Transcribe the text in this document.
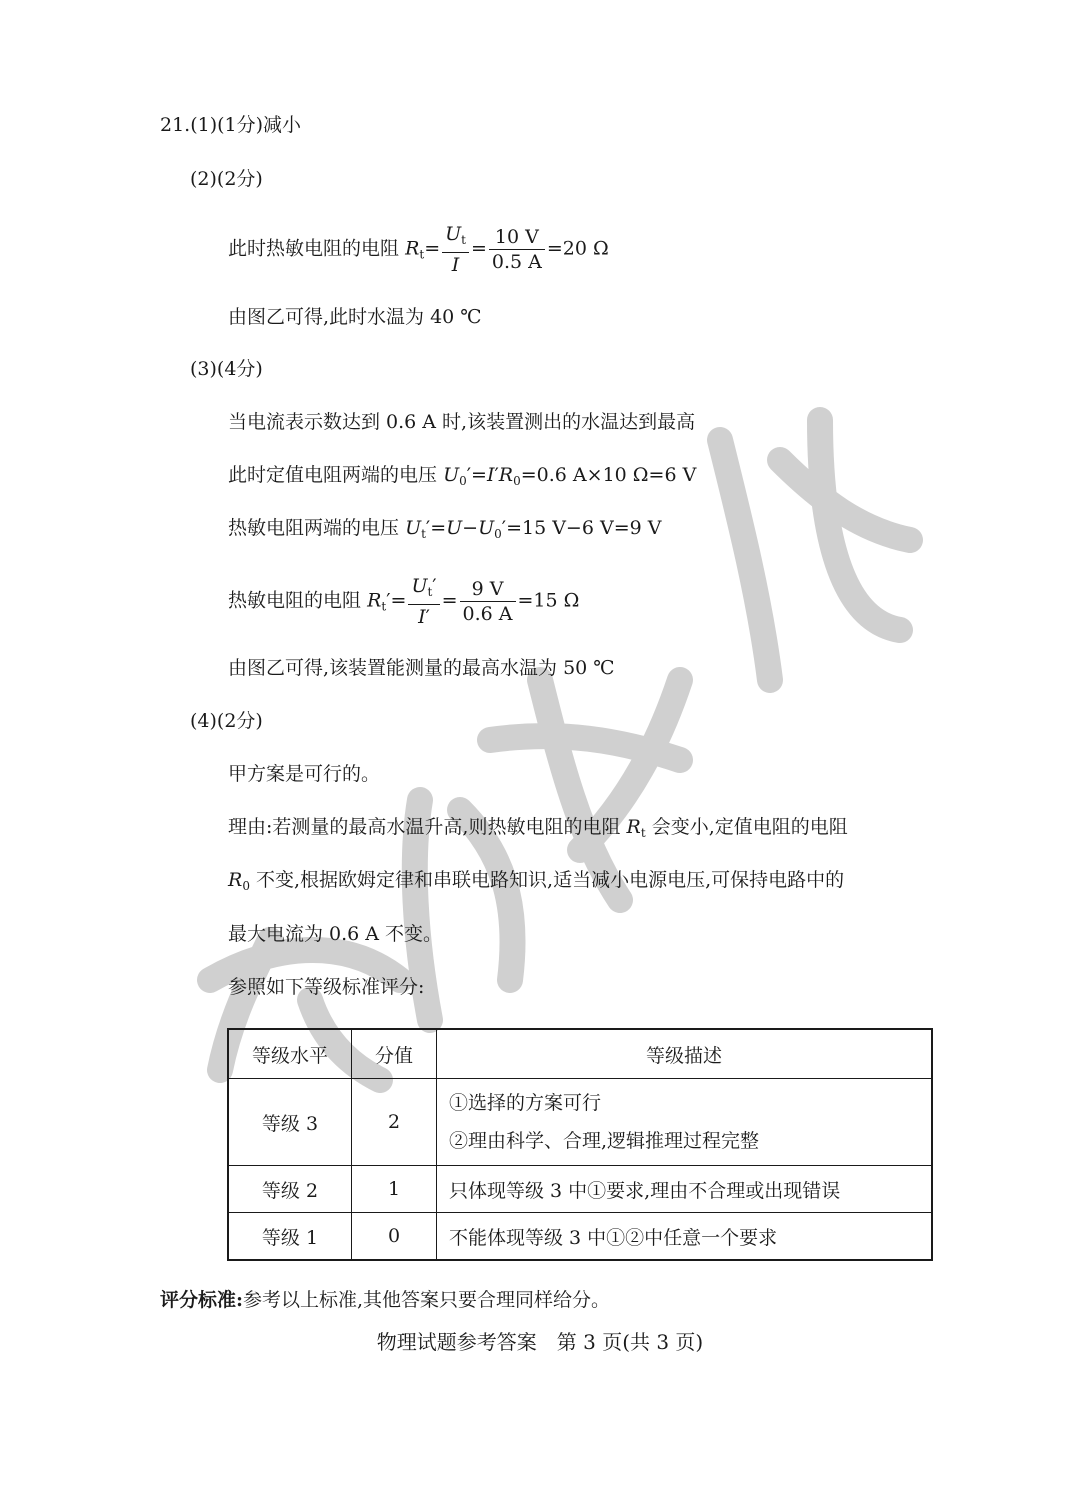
21.(1)(1分)减小
(2)(2分)
此时热敏电阻的电阻 $R_t= \frac{U_t}{I} = \frac{10 V}{0.5 A} =20$ Ω
由图乙可得,此时水温为 40 ℃
(3)(4分)
当电流表示数达到 0.6 A 时,该装置测出的水温达到最高
此时定值电阻两端的电压 $U_0'=I'R_0=0.6$ A×10 Ω=6 V
热敏电阻两端的电压 $U_t'=U-U_0'=15$ V−6 V=9 V
热敏电阻的电阻 $R_t'= \frac{U_t'}{I'} = \frac{9 V}{0.6 A} =15$ Ω
由图乙可得,该装置能测量的最高水温为 50 ℃
(4)(2分)
甲方案是可行的。
理由:若测量的最高水温升高,则热敏电阻的电阻 $R_t$ 会变小,定值电阻的电阻
$R_0$ 不变,根据欧姆定律和串联电路知识,适当减小电源电压,可保持电路中的
最大电流为 0.6 A 不变。
参照如下等级标准评分:
等级水平	分值	等级描述
等级 3	2	①选择的方案可行
②理由科学、合理,逻辑推理过程完整

等级 2	1	只体现等级 3 中①要求,理由不合理或出现错误
等级 1	0	不能体现等级 3 中①②中任意一个要求
评分标准:参考以上标准,其他答案只要合理同样给分。
物理试题参考答案　第 3 页(共 3 页)
